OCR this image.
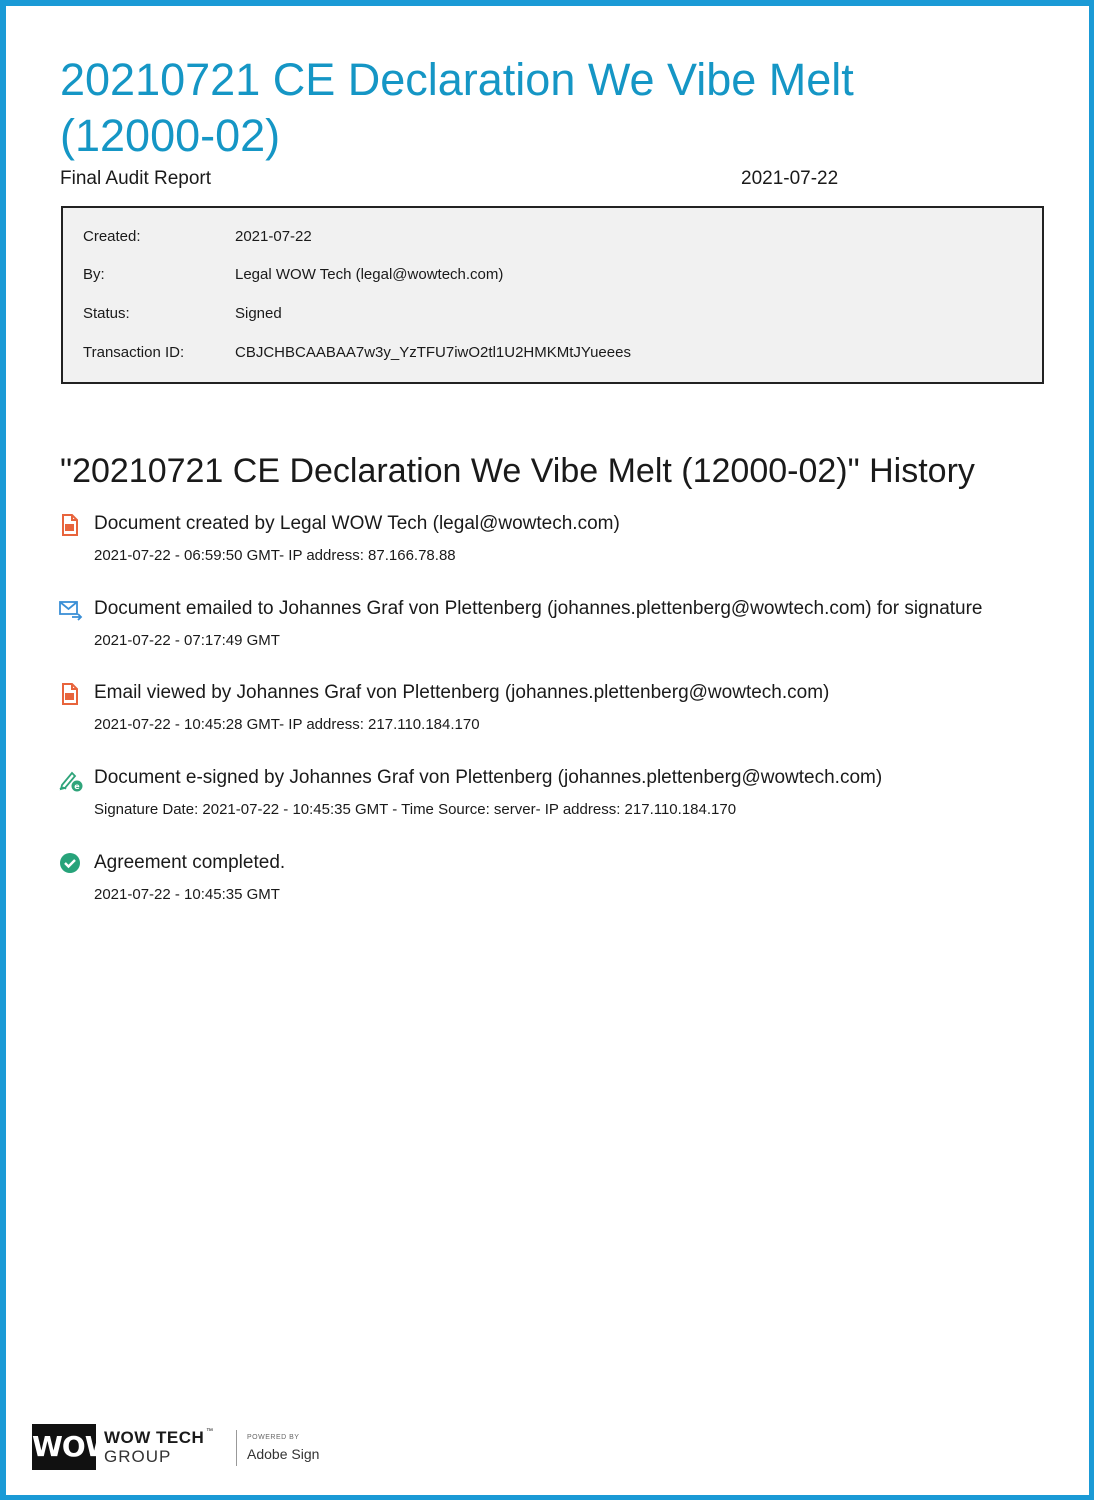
20210721 CE Declaration We Vibe Melt (12000-02)
Final Audit Report	2021-07-22
Created:	2021-07-22
By:	Legal WOW Tech (legal@wowtech.com)
Status:	Signed
Transaction ID:	CBJCHBCAABAA7w3y_YzTFU7iwO2tl1U2HMKMtJYueees
"20210721 CE Declaration We Vibe Melt (12000-02)" History
Document created by Legal WOW Tech (legal@wowtech.com)
2021-07-22 - 06:59:50 GMT- IP address: 87.166.78.88
Document emailed to Johannes Graf von Plettenberg (johannes.plettenberg@wowtech.com) for signature
2021-07-22 - 07:17:49 GMT
Email viewed by Johannes Graf von Plettenberg (johannes.plettenberg@wowtech.com)
2021-07-22 - 10:45:28 GMT- IP address: 217.110.184.170
e Document e-signed by Johannes Graf von Plettenberg (johannes.plettenberg@wowtech.com)
Signature Date: 2021-07-22 - 10:45:35 GMT - Time Source: server- IP address: 217.110.184.170
Agreement completed.
2021-07-22 - 10:45:35 GMT
WOW
WOW TECH ™
GROUP
POWERED BY
Adobe Sign
